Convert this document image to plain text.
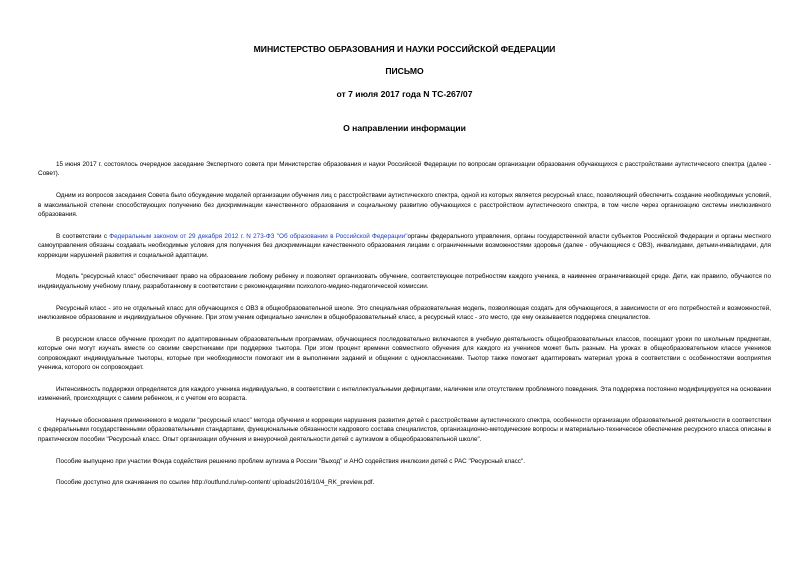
МИНИСТЕРСТВО ОБРАЗОВАНИЯ И НАУКИ РОССИЙСКОЙ ФЕДЕРАЦИИ
ПИСЬМО
от 7 июля 2017 года N ТС-267/07
О направлении информации

15 июня 2017 г. состоялось очередное заседание Экспертного совета при Министерстве образования и науки Российской Федерации по вопросам организации образования обучающихся с расстройствами аутистического спектра (далее - Совет).

Одним из вопросов заседания Совета было обсуждение моделей организации обучения лиц с расстройствами аутистического спектра, одной из которых является ресурсный класс, позволяющий обеспечить создание необходимых условий, в максимальной степени способствующих получению без дискриминации качественного образования и социальному развитию обучающихся с расстройством аутистического спектра, в том числе через организацию системы инклюзивного образования.

В соответствии с Федеральным законом от 29 декабря 2012 г. N 273-ФЗ "Об образовании в Российской Федерации"органы федерального управления, органы государственной власти субъектов Российской Федерации и органы местного самоуправления обязаны создавать необходимые условия для получения без дискриминации качественного образования лицами с ограниченными возможностями здоровья (далее - обучающиеся с ОВЗ), инвалидами, детьми-инвалидами, для коррекции нарушений развития и социальной адаптации.

Модель "ресурсный класс" обеспечивает право на образование любому ребенку и позволяет организовать обучение, соответствующее потребностям каждого ученика, в наименее ограничивающей среде. Дети, как правило, обучаются по индивидуальному учебному плану, разработанному в соответствии с рекомендациями психолого-медико-педагогической комиссии.

Ресурсный класс - это не отдельный класс для обучающихся с ОВЗ в общеобразовательной школе. Это специальная образовательная модель, позволяющая создать для обучающегося, в зависимости от его потребностей и возможностей, инклюзивное образование и индивидуальное обучение. При этом ученик официально зачислен в общеобразовательный класс, а ресурсный класс - это место, где ему оказывается поддержка специалистов.

В ресурсном классе обучение проходит по адаптированным образовательным программам, обучающиеся последовательно включаются в учебную деятельность общеобразовательных классов, посещают уроки по школьным предметам, которые они могут изучать вместе со своими сверстниками при поддержке тьютора. При этом процент времени совместного обучения для каждого из учеников может быть разным. На уроках в общеобразовательном классе учеников сопровождают индивидуальные тьюторы, которые при необходимости помогают им в выполнении заданий и общении с одноклассниками. Тьютор также помогает адаптировать материал урока в соответствии с особенностями восприятия ученика, которого он сопровождает.

Интенсивность поддержки определяется для каждого ученика индивидуально, в соответствии с интеллектуальными дефицитами, наличием или отсутствием проблемного поведения. Эта поддержка постоянно модифицируется на основании изменений, происходящих с самим ребенком, и с учетом его возраста.

Научные обоснования применяемого в модели "ресурсный класс" метода обучения и коррекции нарушения развития детей с расстройствами аутистического спектра, особенности организации образовательной деятельности в соответствии с федеральными государственными образовательными стандартами, функциональные обязанности кадрового состава специалистов, организационно-методические вопросы и материально-техническое обеспечение ресурсного класса описаны в практическом пособии "Ресурсный класс. Опыт организации обучения и внеурочной деятельности детей с аутизмом в общеобразовательной школе".

Пособие выпущено при участии Фонда содействия решению проблем аутизма в России "Выход" и АНО содействия инклюзии детей с РАС "Ресурсный класс".

Пособие доступно для скачивания по ссылке http://outfund.ru/wp-content/ uploads/2016/10/4_RK_preview.pdf.
